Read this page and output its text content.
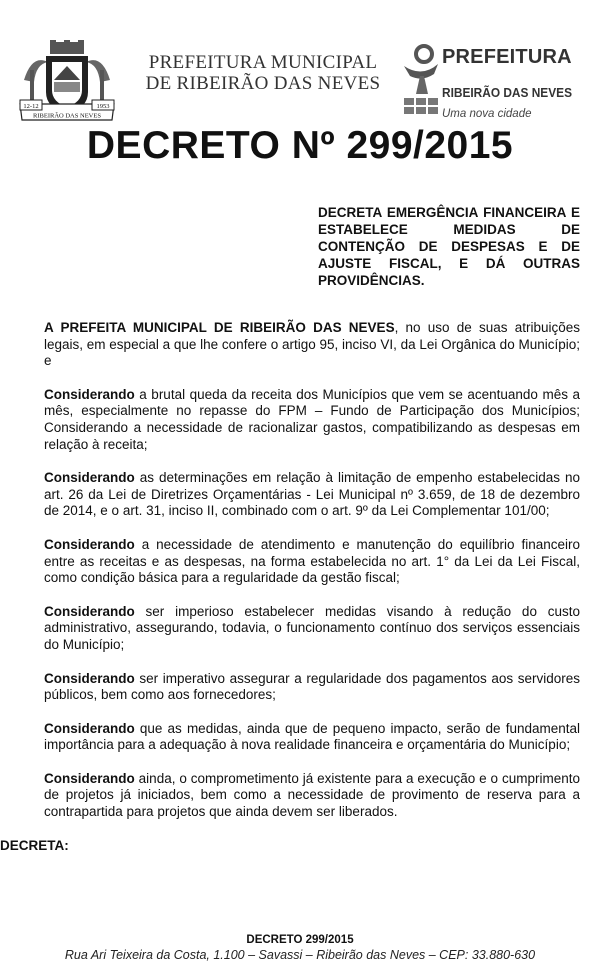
12-12	1953
RIBEIRÃO DAS NEVES
PREFEITURA MUNICIPAL
DE RIBEIRÃO DAS NEVES
PREFEITURA
RIBEIRÃO DAS NEVES
Uma nova cidade
DECRETO Nº 299/2015
DECRETA EMERGÊNCIA FINANCEIRA E ESTABELECE MEDIDAS DE CONTENÇÃO DE DESPESAS E DE AJUSTE FISCAL, E DÁ OUTRAS PROVIDÊNCIAS.

A PREFEITA MUNICIPAL DE RIBEIRÃO DAS NEVES, no uso de suas atribuições legais, em especial a que lhe confere o artigo 95, inciso VI, da Lei Orgânica do Município; e

Considerando a brutal queda da receita dos Municípios que vem se acentuando mês a mês, especialmente no repasse do FPM – Fundo de Participação dos Municípios; Considerando a necessidade de racionalizar gastos, compatibilizando as despesas em relação à receita;

Considerando as determinações em relação à limitação de empenho estabelecidas no art. 26 da Lei de Diretrizes Orçamentárias - Lei Municipal nº 3.659, de 18 de dezembro de 2014, e o art. 31, inciso II, combinado com o art. 9º da Lei Complementar 101/00;

Considerando a necessidade de atendimento e manutenção do equilíbrio financeiro entre as receitas e as despesas, na forma estabelecida no art. 1° da Lei da Lei Fiscal, como condição básica para a regularidade da gestão fiscal;

Considerando ser imperioso estabelecer medidas visando à redução do custo administrativo, assegurando, todavia, o funcionamento contínuo dos serviços essenciais do Município;

Considerando ser imperativo assegurar a regularidade dos pagamentos aos servidores públicos, bem como aos fornecedores;

Considerando que as medidas, ainda que de pequeno impacto, serão de fundamental importância para a adequação à nova realidade financeira e orçamentária do Município;

Considerando ainda, o comprometimento já existente para a execução e o cumprimento de projetos já iniciados, bem como a necessidade de provimento de reserva para a contrapartida para projetos que ainda devem ser liberados.

DECRETA:

DECRETO 299/2015
Rua Ari Teixeira da Costa, 1.100 – Savassi – Ribeirão das Neves – CEP: 33.880-630
